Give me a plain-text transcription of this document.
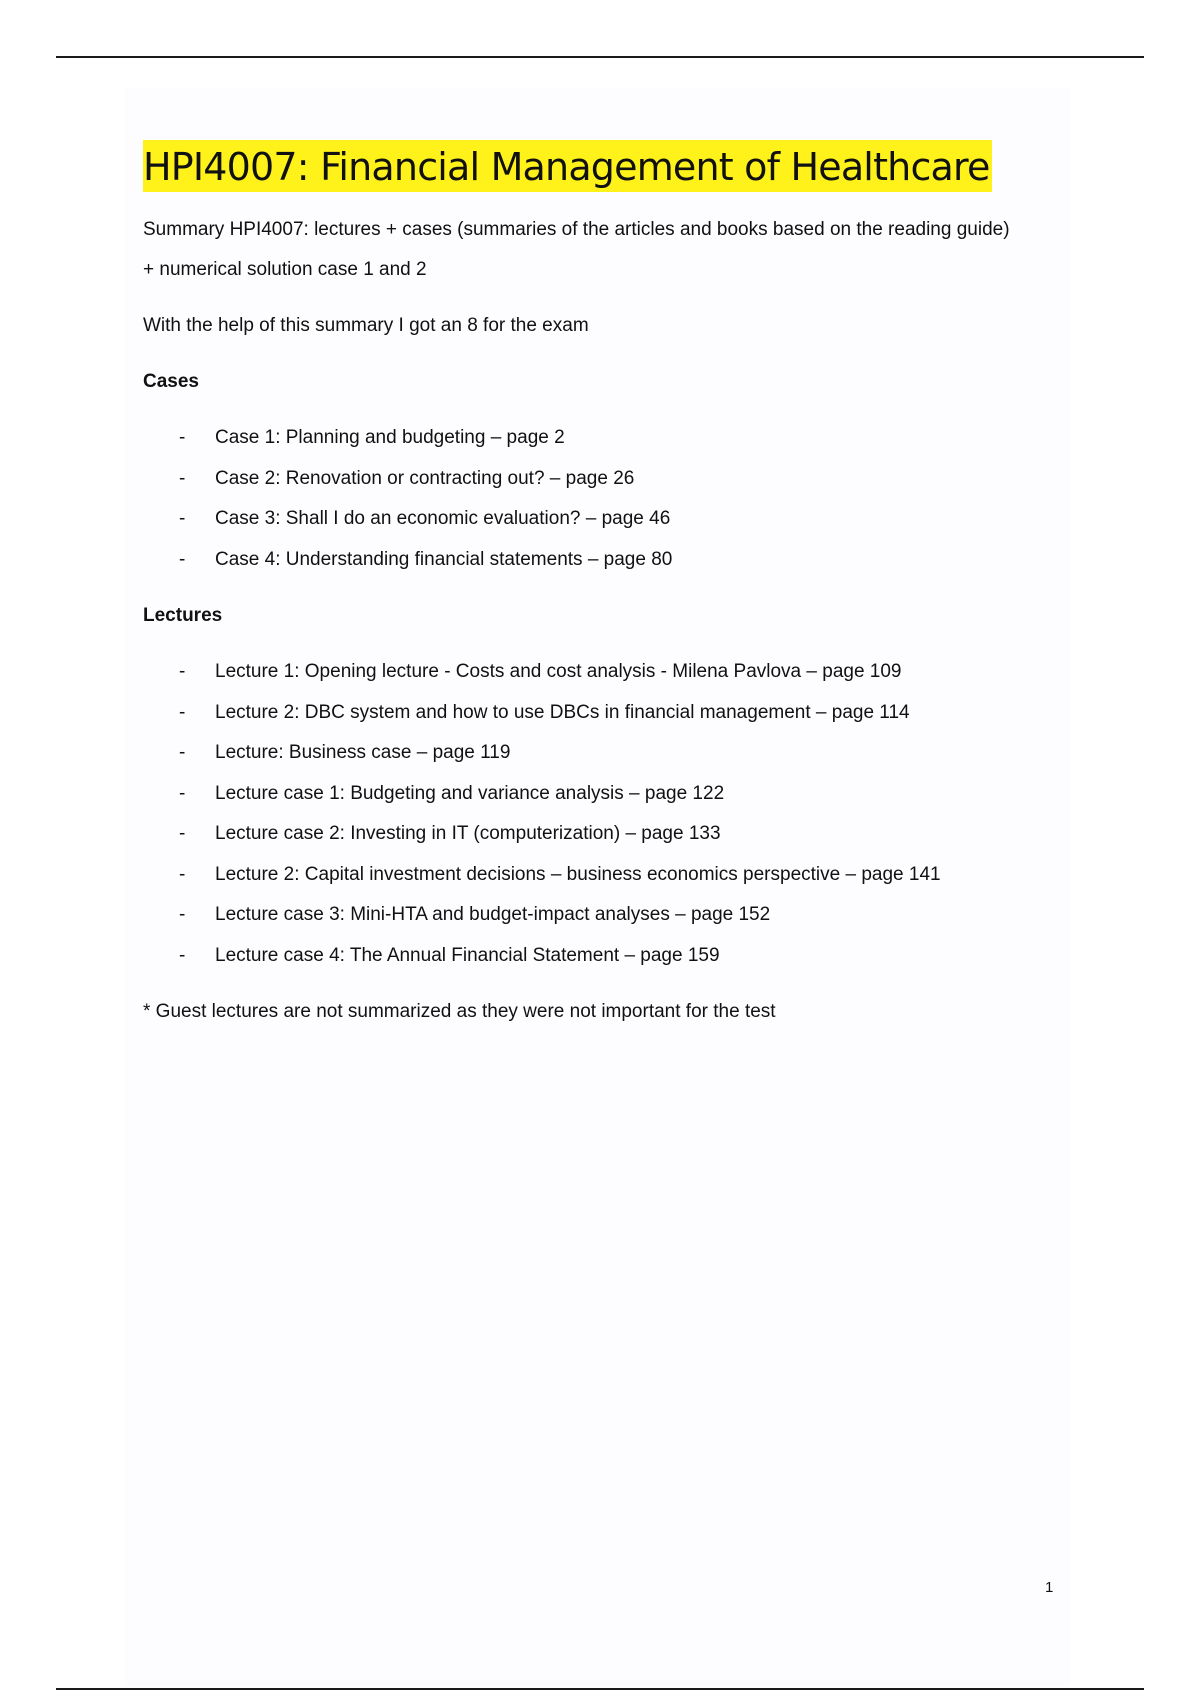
HPI4007: Financial Management of Healthcare

Summary HPI4007: lectures + cases (summaries of the articles and books based on the reading guide)

+ numerical solution case 1 and 2

With the help of this summary I got an 8 for the exam

Cases

- Case 1: Planning and budgeting – page 2
- Case 2: Renovation or contracting out? – page 26
- Case 3: Shall I do an economic evaluation? – page 46
- Case 4: Understanding financial statements – page 80

Lectures

- Lecture 1: Opening lecture - Costs and cost analysis - Milena Pavlova – page 109
- Lecture 2: DBC system and how to use DBCs in financial management – page 114
- Lecture: Business case – page 119
- Lecture case 1: Budgeting and variance analysis – page 122
- Lecture case 2: Investing in IT (computerization) – page 133
- Lecture 2: Capital investment decisions – business economics perspective – page 141
- Lecture case 3: Mini-HTA and budget-impact analyses – page 152
- Lecture case 4: The Annual Financial Statement – page 159

* Guest lectures are not summarized as they were not important for the test

1
